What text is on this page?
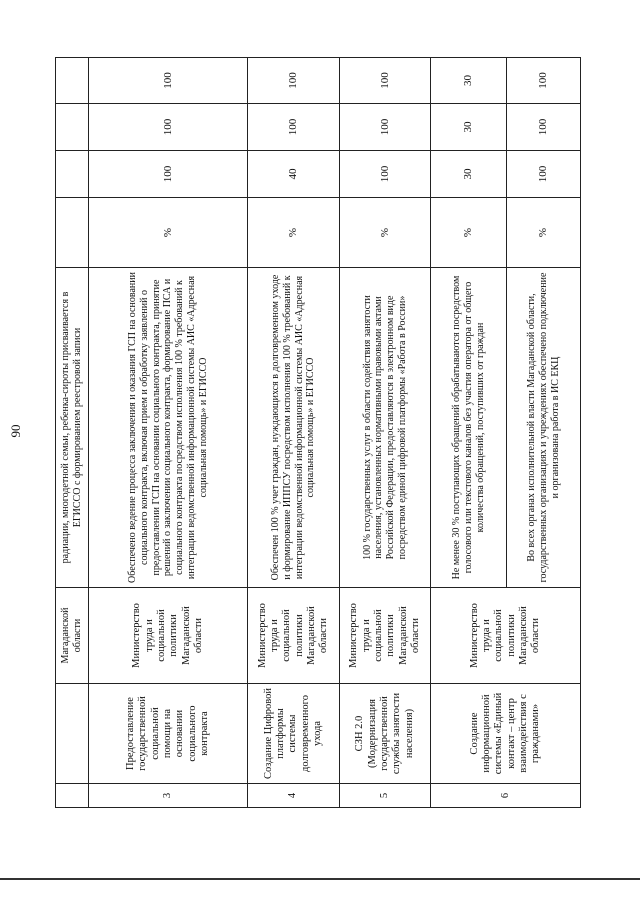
90
		Магаданской области	радиации, многодетной семьи, ребенка-сироты присваивается в ЕГИССО с формированием реестровой записи				
3	Предоставление государственной социальной помощи на основании социального контракта	Министерство труда и социальной политики Магаданской области	Обеспечено ведение процесса заключения и оказания ГСП на основании социального контракта, включая прием и обработку заявлений о предоставлении ГСП на основании социального контракта, принятие решений о заключении социального контракта, формирование ПСА и социального контракта посредством исполнения 100 % требований к интеграции ведомственной информационной системы АИС «Адресная социальная помощь» и ЕГИССО	%	100	100	100
4	Создание Цифровой платформы системы долговременного ухода	Министерство труда и социальной политики Магаданской области	Обеспечен 100 % учет граждан, нуждающихся в долговременном уходе и формирование ИППСУ посредством исполнения 100 % требований к интеграции ведомственной информационной системы АИС «Адресная социальная помощь» и ЕГИССО	%	40	100	100
5	СЗН 2.0 (Модернизация государственной службы занятости населения)	Министерство труда и социальной политики Магаданской области	100 % государственных услуг в области содействия занятости населения, установленных нормативными правовыми актами Российской Федерации, предоставляются в электронном виде посредством единой цифровой платформы «Работа в России»	%	100	100	100
6	Создание информационной системы «Единый контакт – центр взаимодействия с гражданами»	Министерство труда и социальной политики Магаданской области	Не менее 30 % поступающих обращений обрабатываются посредством голосового или текстового каналов без участия оператора от общего количества обращений, поступивших от граждан	%	30	30	30
			Во всех органах исполнительной власти Магаданской области, государственных организациях и учреждениях обеспечено подключение и организована работа в ИС ЕКЦ	%	100	100	100
